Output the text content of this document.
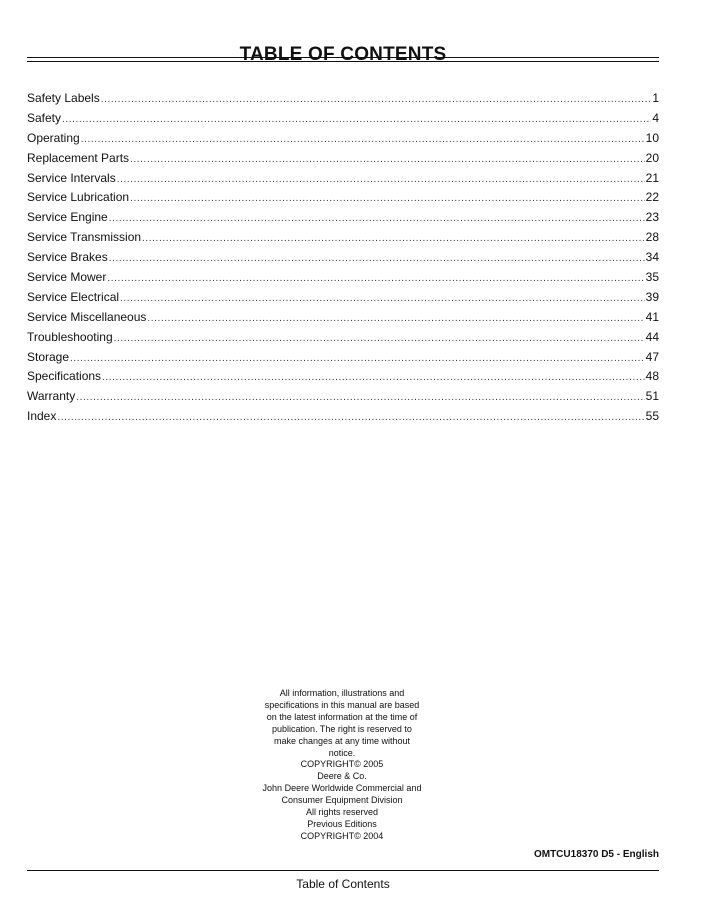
TABLE OF CONTENTS
Safety Labels .....	1
Safety .....	4
Operating .....	10
Replacement Parts .....	20
Service Intervals .....	21
Service Lubrication .....	22
Service Engine .....	23
Service Transmission .....	28
Service Brakes .....	34
Service Mower .....	35
Service Electrical .....	39
Service Miscellaneous .....	41
Troubleshooting .....	44
Storage .....	47
Specifications .....	48
Warranty .....	51
Index .....	55
All information, illustrations and
specifications in this manual are based
on the latest information at the time of
publication. The right is reserved to
make changes at any time without
notice.
COPYRIGHT© 2005
Deere & Co.
John Deere Worldwide Commercial and
Consumer Equipment Division
All rights reserved
Previous Editions
COPYRIGHT© 2004
OMTCU18370 D5 - English
Table of Contents
